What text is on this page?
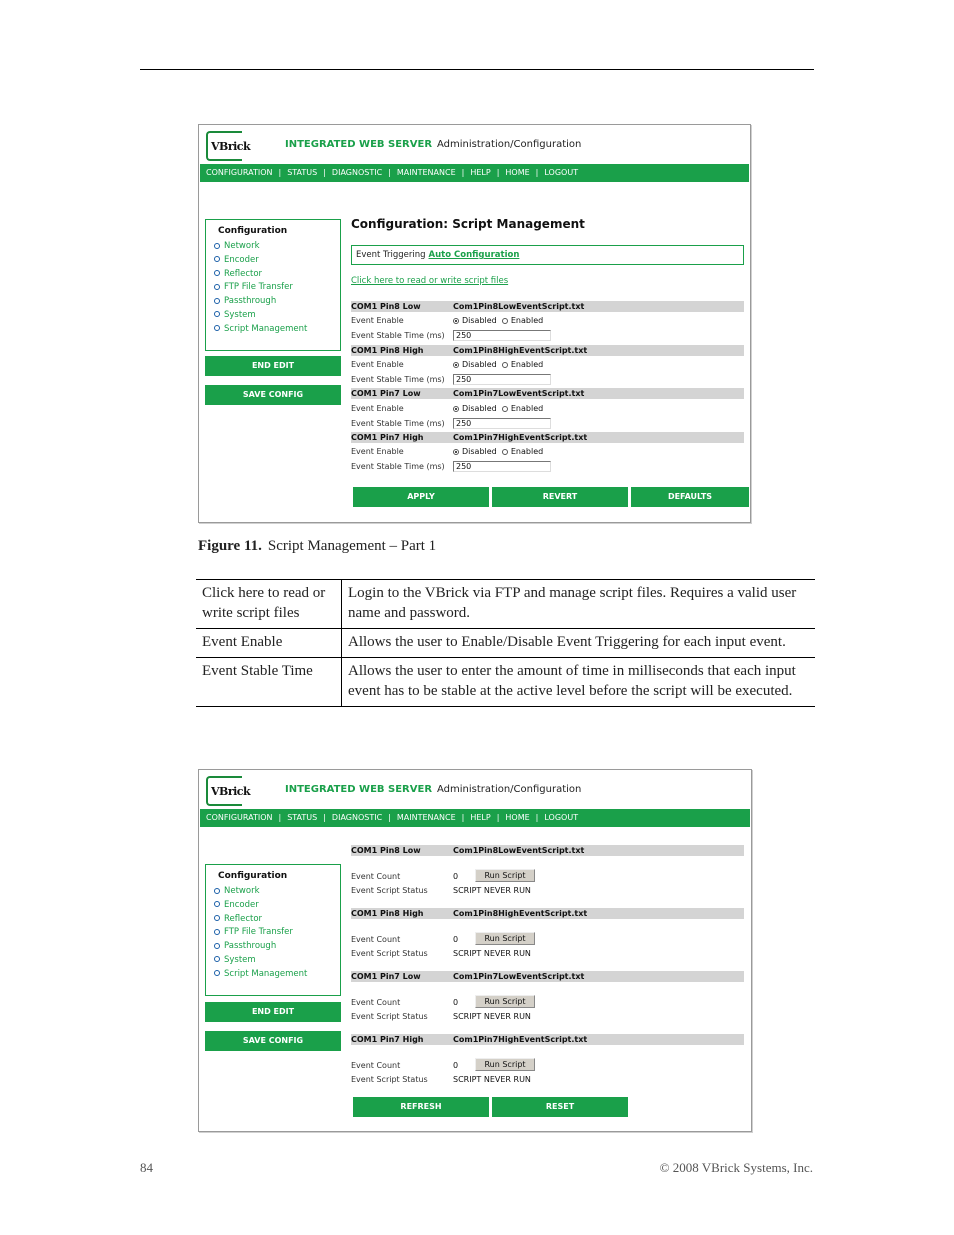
VBrick	INTEGRATED WEB SERVER Administration/Configuration
CONFIGURATION | STATUS | DIAGNOSTIC | MAINTENANCE | HELP | HOME | LOGOUT
Configuration
Network
Encoder
Reflector
FTP File Transfer
Passthrough
System
Script Management
END EDIT
SAVE CONFIG
Configuration: Script Management
Event Triggering Auto Configuration
Click here to read or write script files
COM1 Pin8 Low	Com1Pin8LowEventScript.txt
Event Enable	Disabled Enabled
Event Stable Time (ms)	250
COM1 Pin8 High	Com1Pin8HighEventScript.txt
Event Enable	Disabled Enabled
Event Stable Time (ms)	250
COM1 Pin7 Low	Com1Pin7LowEventScript.txt
Event Enable	Disabled Enabled
Event Stable Time (ms)	250
COM1 Pin7 High	Com1Pin7HighEventScript.txt
Event Enable	Disabled Enabled
Event Stable Time (ms)	250
APPLY	REVERT	DEFAULTS
Figure 11. Script Management – Part 1
Click here to read or write script files	Login to the VBrick via FTP and manage script files. Requires a valid user name and password.
Event Enable	Allows the user to Enable/Disable Event Triggering for each input event.
Event Stable Time	Allows the user to enter the amount of time in milliseconds that each input event has to be stable at the active level before the script will be executed.
VBrick	INTEGRATED WEB SERVER Administration/Configuration
CONFIGURATION | STATUS | DIAGNOSTIC | MAINTENANCE | HELP | HOME | LOGOUT
Configuration
Network
Encoder
Reflector
FTP File Transfer
Passthrough
System
Script Management
END EDIT
SAVE CONFIG
COM1 Pin8 Low	Com1Pin8LowEventScript.txt
Event Count	0	Run Script
Event Script Status	SCRIPT NEVER RUN
COM1 Pin8 High	Com1Pin8HighEventScript.txt
Event Count	0	Run Script
Event Script Status	SCRIPT NEVER RUN
COM1 Pin7 Low	Com1Pin7LowEventScript.txt
Event Count	0	Run Script
Event Script Status	SCRIPT NEVER RUN
COM1 Pin7 High	Com1Pin7HighEventScript.txt
Event Count	0	Run Script
Event Script Status	SCRIPT NEVER RUN
REFRESH	RESET
84	© 2008 VBrick Systems, Inc.
